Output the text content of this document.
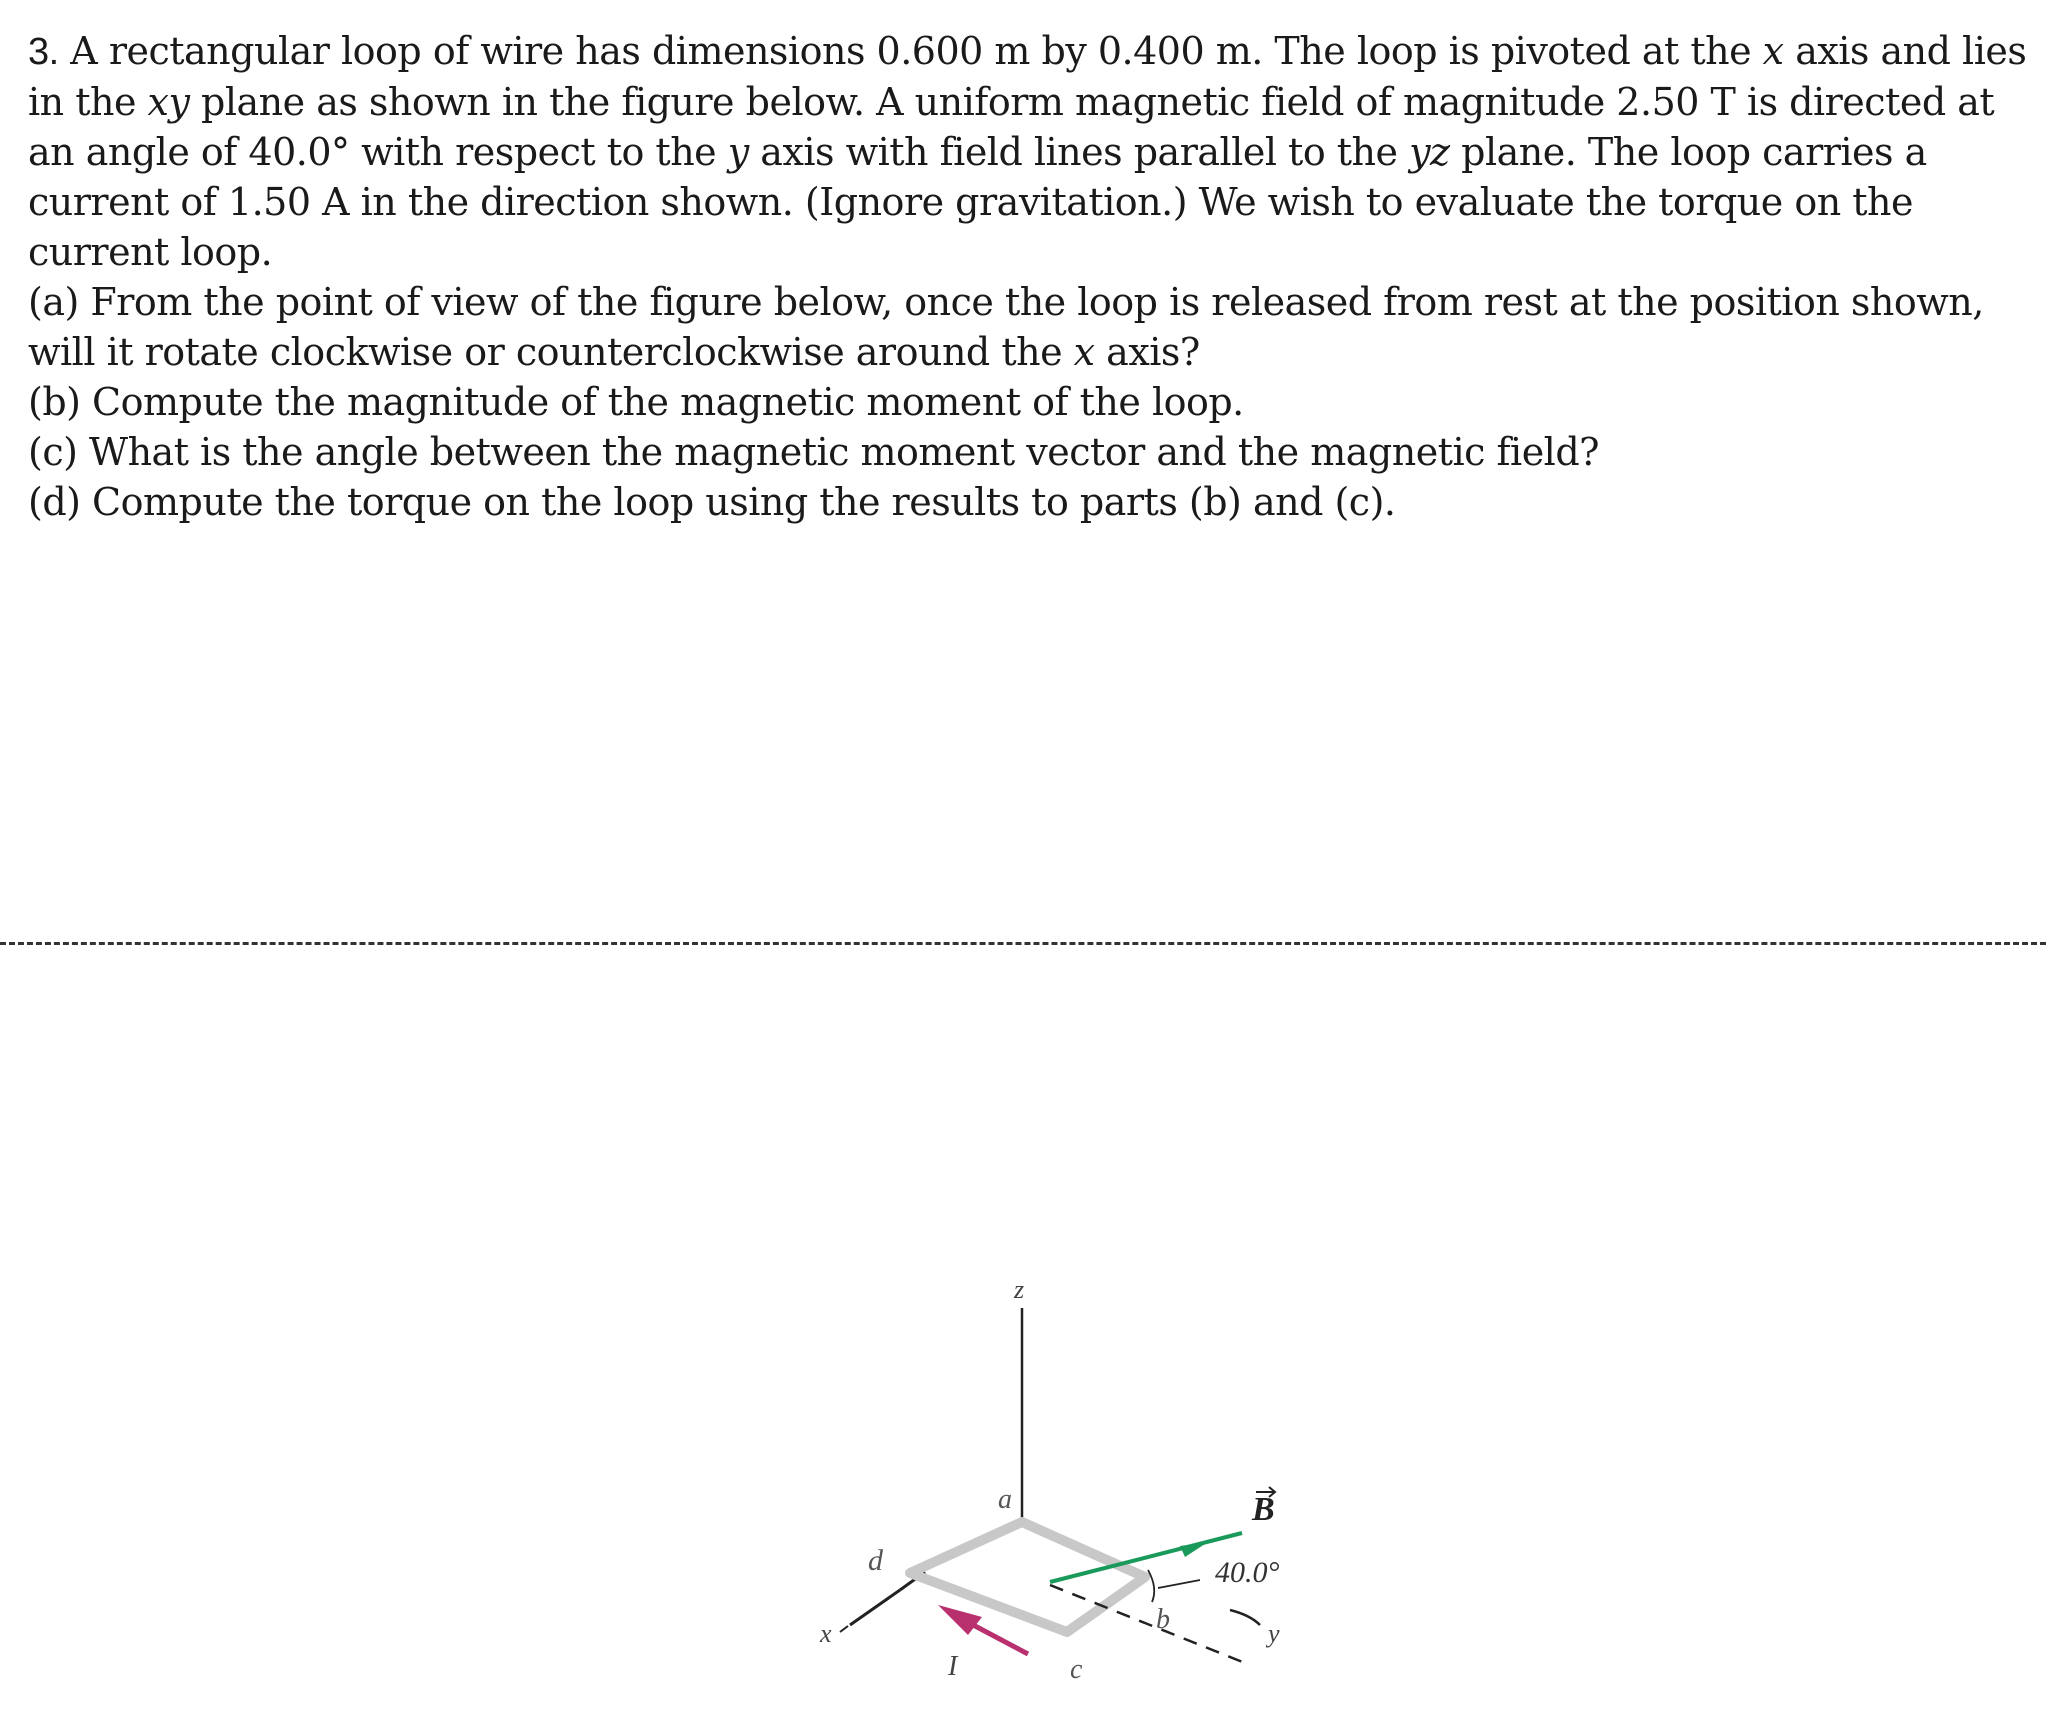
3. A rectangular loop of wire has dimensions 0.600 m by 0.400 m. The loop is pivoted at the x axis and lies in the xy plane as shown in the figure below. A uniform magnetic field of magnitude 2.50 T is directed at an angle of 40.0° with respect to the y axis with field lines parallel to the yz plane. The loop carries a current of 1.50 A in the direction shown. (Ignore gravitation.) We wish to evaluate the torque on the current loop.

(a) From the point of view of the figure below, once the loop is released from rest at the position shown, will it rotate clockwise or counterclockwise around the x axis?

(b) Compute the magnitude of the magnetic moment of the loop.

(c) What is the angle between the magnetic moment vector and the magnetic field?

(d) Compute the torque on the loop using the results to parts (b) and (c).

z
x	y
40.0°
B
I
a
b
c
d
